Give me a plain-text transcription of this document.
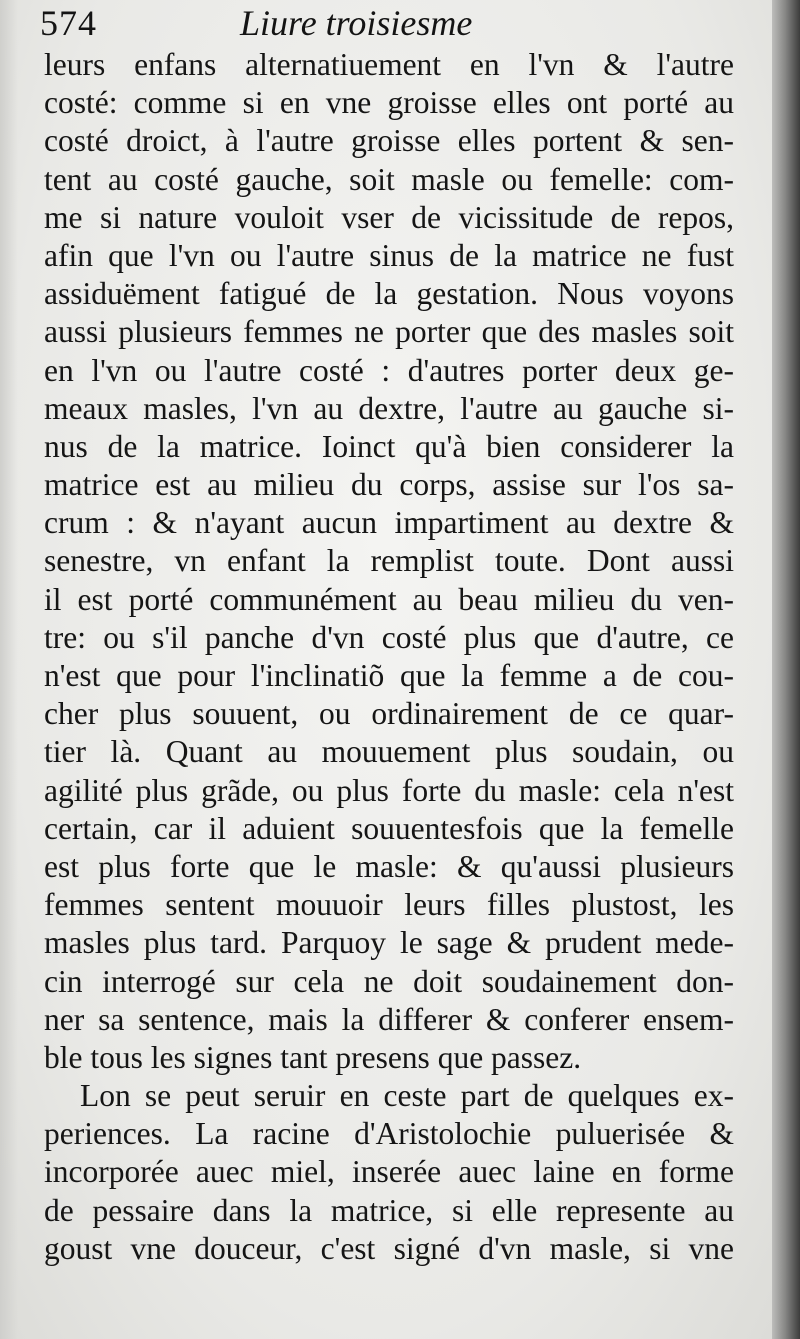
574	Liure troisiesme
leurs enfans alternatiuement en l'vn & l'autre
costé: comme si en vne groisse elles ont porté au
costé droict, à l'autre groisse elles portent & sen-
tent au costé gauche, soit masle ou femelle: com-
me si nature vouloit vser de vicissitude de repos,
afin que l'vn ou l'autre sinus de la matrice ne fust
assiduëment fatigué de la gestation. Nous voyons
aussi plusieurs femmes ne porter que des masles soit
en l'vn ou l'autre costé : d'autres porter deux ge-
meaux masles, l'vn au dextre, l'autre au gauche si-
nus de la matrice. Ioinct qu'à bien considerer la
matrice est au milieu du corps, assise sur l'os sa-
crum : & n'ayant aucun impartiment au dextre &
senestre, vn enfant la remplist toute. Dont aussi
il est porté communément au beau milieu du ven-
tre: ou s'il panche d'vn costé plus que d'autre, ce
n'est que pour l'inclinatiõ que la femme a de cou-
cher plus souuent, ou ordinairement de ce quar-
tier là. Quant au mouuement plus soudain, ou
agilité plus grãde, ou plus forte du masle: cela n'est
certain, car il aduient souuentesfois que la femelle
est plus forte que le masle: & qu'aussi plusieurs
femmes sentent mouuoir leurs filles plustost, les
masles plus tard. Parquoy le sage & prudent mede-
cin interrogé sur cela ne doit soudainement don-
ner sa sentence, mais la differer & conferer ensem-
ble tous les signes tant presens que passez.
Lon se peut seruir en ceste part de quelques ex-
periences. La racine d'Aristolochie puluerisée &
incorporée auec miel, inserée auec laine en forme
de pessaire dans la matrice, si elle represente au
goust vne douceur, c'est signé d'vn masle, si vne
